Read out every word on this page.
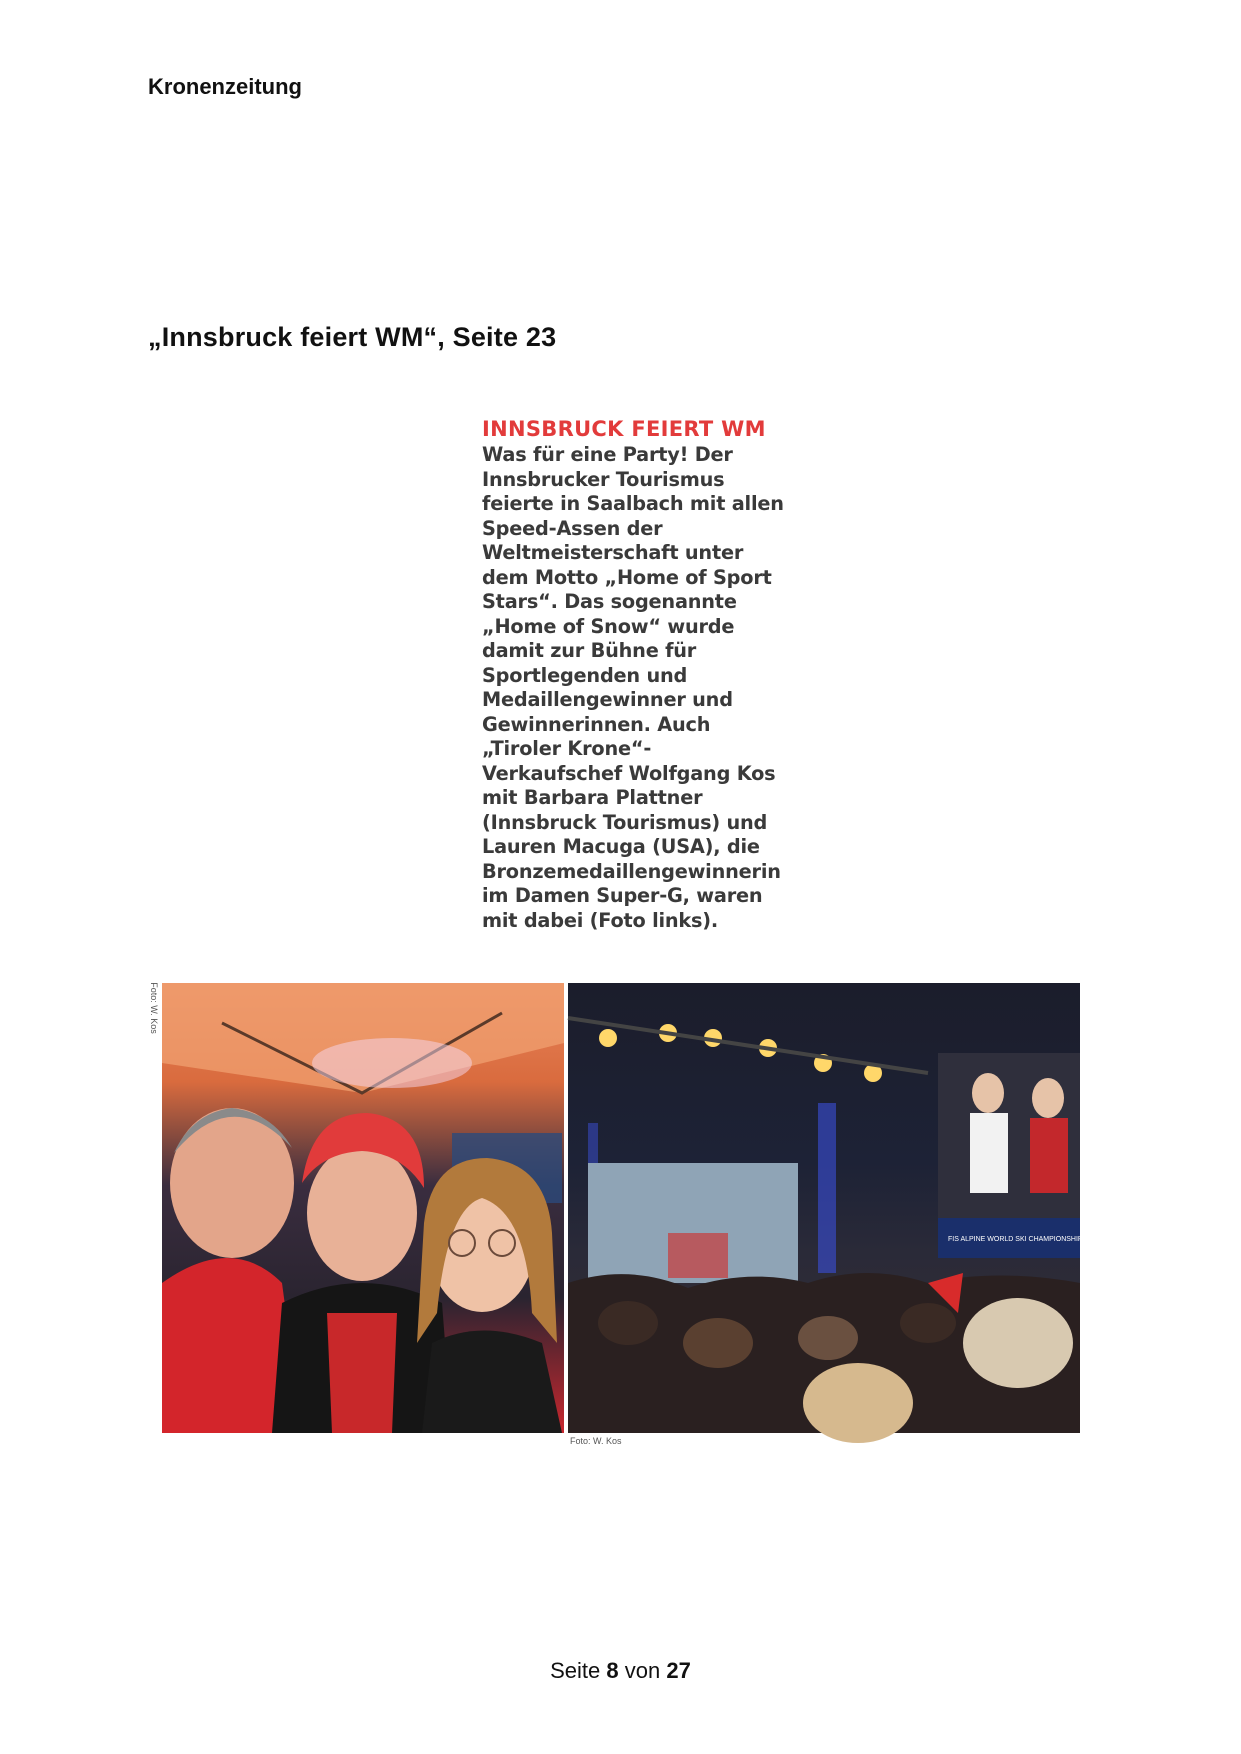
Kronenzeitung
„Innsbruck feiert WM“, Seite 23
INNSBRUCK FEIERT WM
Was für eine Party! Der
Innsbrucker Tourismus
feierte in Saalbach mit allen
Speed-Assen der
Weltmeisterschaft unter
dem Motto „Home of Sport
Stars“. Das sogenannte
„Home of Snow“ wurde
damit zur Bühne für
Sportlegenden und
Medaillengewinner und
Gewinnerinnen. Auch
„Tiroler Krone“-
Verkaufschef Wolfgang Kos
mit Barbara Plattner
(Innsbruck Tourismus) und
Lauren Macuga (USA), die
Bronzemedaillengewinnerin
im Damen Super-G, waren
mit dabei (Foto links).
Foto: W. Kos
FIS ALPINE WORLD SKI CHAMPIONSHIPS 2025
Foto: W. Kos
Seite 8 von 27
